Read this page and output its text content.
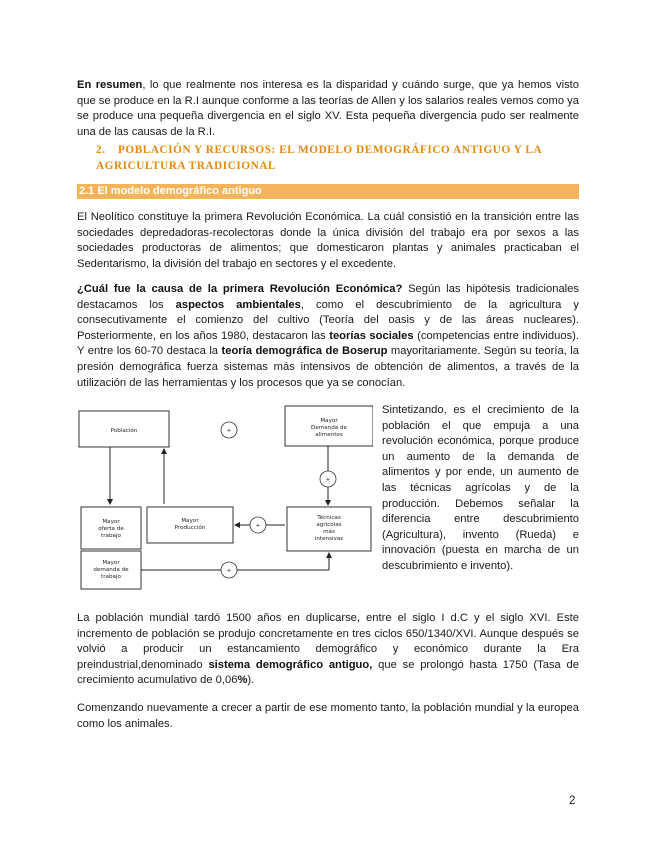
En resumen, lo que realmente nos interesa es la disparidad y cuándo surge, que ya hemos visto que se produce en la R.I aunque conforme a las teorías de Allen y los salarios reales vemos como ya se produce una pequeña divergencia en el siglo XV. Esta pequeña divergencia pudo ser realmente una de las causas de la R.I.

2. POBLACIÓN Y RECURSOS: EL MODELO DEMOGRÁFICO ANTIGUO Y LA AGRICULTURA TRADICIONAL

2.1 El modelo demográfico antiguo

El Neolítico constituye la primera Revolución Económica. La cuál consistió en la transición entre las sociedades depredadoras-recolectoras donde la única división del trabajo era por sexos a las sociedades productoras de alimentos; que domesticaron plantas y animales practicaban el Sedentarismo, la división del trabajo en sectores y el excedente.

¿Cuál fue la causa de la primera Revolución Económica? Según las hipótesis tradicionales destacamos los aspectos ambientales, como el descubrimiento de la agricultura y consecutivamente el comienzo del cultivo (Teoría del oasis y de las áreas nucleares). Posteriormente, en los años 1980, destacaron las teorías sociales (competencias entre individuos). Y entre los 60-70 destaca la teoría demográfica de Boserup mayoritariamente. Según su teoría, la presión demográfica fuerza sistemas más intensivos de obtención de alimentos, a través de la utilización de las herramientas y los procesos que ya se conocían.

Población	+
Mayor
Demanda de
alimentos
+
Mayor
oferta de
trabajo
Mayor
Producción	+
Técnicas
agrícolas
más
intensivas
Mayor
demanda de
trabajo
+

Sintetizando, es el crecimiento de la población el que empuja a una revolución económica, porque produce un aumento de la demanda de alimentos y por ende, un aumento de las técnicas agrícolas y de la producción. Debemos señalar la diferencia entre descubrimiento (Agricultura), invento (Rueda) e innovación (puesta en marcha de un descubrimiento e invento).

La población mundial tardó 1500 años en duplicarse, entre el siglo I d.C y el siglo XVI. Este incremento de población se produjo concretamente en tres ciclos 650/1340/XVI. Aunque después se volvió a producir un estancamiento demográfico y económico durante la Era preindustrial,denominado sistema demográfico antiguo, que se prolongó hasta 1750 (Tasa de crecimiento acumulativo de 0,06%).

Comenzando nuevamente a crecer a partir de ese momento tanto, la población mundial y la europea como los animales.

2
